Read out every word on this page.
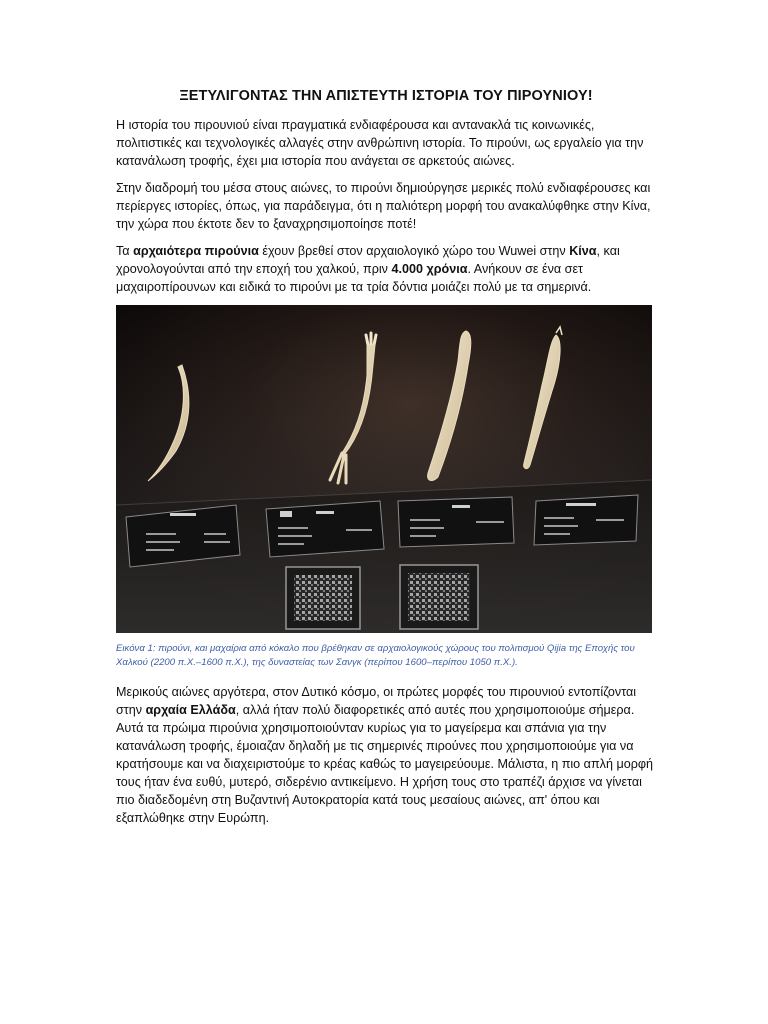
ΞΕΤΥΛΙΓΟΝΤΑΣ ΤΗΝ ΑΠΙΣΤΕΥΤΗ ΙΣΤΟΡΙΑ ΤΟΥ ΠΙΡΟΥΝΙΟΥ!

Η ιστορία του πιρουνιού είναι πραγματικά ενδιαφέρουσα και αντανακλά τις κοινωνικές, πολιτιστικές και τεχνολογικές αλλαγές στην ανθρώπινη ιστορία. Το πιρούνι, ως εργαλείο για την κατανάλωση τροφής, έχει μια ιστορία που ανάγεται σε αρκετούς αιώνες.

Στην διαδρομή του μέσα στους αιώνες, το πιρούνι δημιούργησε μερικές πολύ ενδιαφέρουσες και περίεργες ιστορίες, όπως, για παράδειγμα, ότι η παλιότερη μορφή του ανακαλύφθηκε στην Κίνα, την χώρα που έκτοτε δεν το ξαναχρησιμοποίησε ποτέ!

Τα αρχαιότερα πιρούνια έχουν βρεθεί στον αρχαιολογικό χώρο του Wuwei στην Κίνα, και χρονολογούνται από την εποχή του χαλκού, πριν 4.000 χρόνια. Ανήκουν σε ένα σετ μαχαιροπίρουνων και ειδικά το πιρούνι με τα τρία δόντια μοιάζει πολύ με τα σημερινά.

Εικόνα 1: πιρούνι, και μαχαίρια από κόκαλο που βρέθηκαν σε αρχαιολογικούς χώρους του πολιτισμού Qijia της Εποχής του Χαλκού (2200 π.Χ.–1600 π.Χ.), της δυναστείας των Σανγκ (περίπου 1600–περίπου 1050 π.Χ.).

Μερικούς αιώνες αργότερα, στον Δυτικό κόσμο, οι πρώτες μορφές του πιρουνιού εντοπίζονται στην αρχαία Ελλάδα, αλλά ήταν πολύ διαφορετικές από αυτές που χρησιμοποιούμε σήμερα. Αυτά τα πρώιμα πιρούνια χρησιμοποιούνταν κυρίως για το μαγείρεμα και σπάνια για την κατανάλωση τροφής, έμοιαζαν δηλαδή με τις σημερινές πιρούνες που χρησιμοποιούμε για να κρατήσουμε και να διαχειριστούμε το κρέας καθώς το μαγειρεύουμε. Μάλιστα, η πιο απλή μορφή τους ήταν ένα ευθύ, μυτερό, σιδερένιο αντικείμενο. Η χρήση τους στο τραπέζι άρχισε να γίνεται πιο διαδεδομένη στη Βυζαντινή Αυτοκρατορία κατά τους μεσαίους αιώνες, απ' όπου και εξαπλώθηκε στην Ευρώπη.
